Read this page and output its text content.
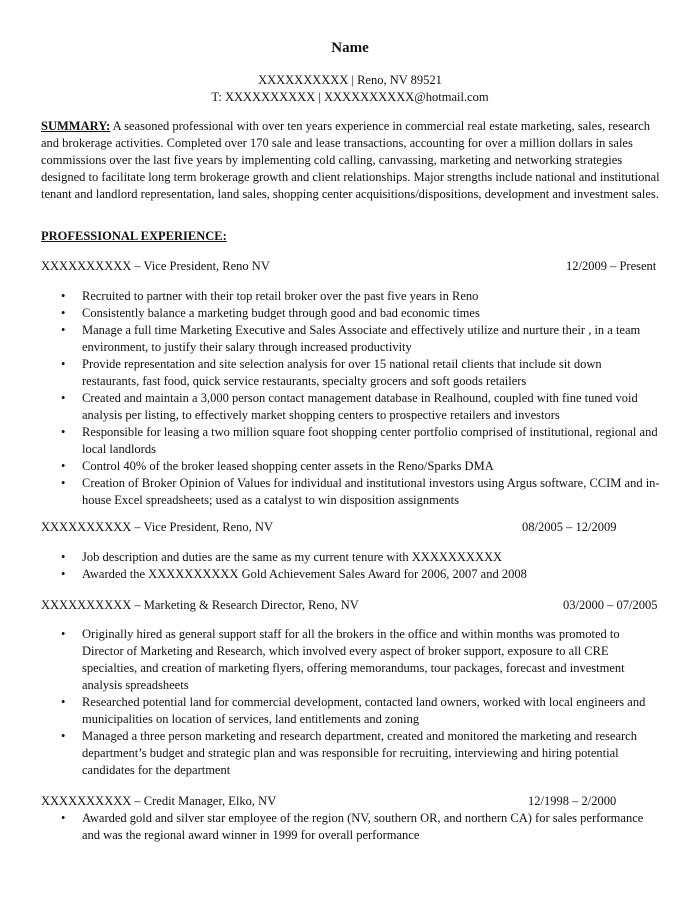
Name
XXXXXXXXXX | Reno, NV 89521
T: XXXXXXXXXX | XXXXXXXXXX@hotmail.com
SUMMARY: A seasoned professional with over ten years experience in commercial real estate marketing, sales, research and brokerage activities. Completed over 170 sale and lease transactions, accounting for over a million dollars in sales commissions over the last five years by implementing cold calling, canvassing, marketing and networking strategies designed to facilitate long term brokerage growth and client relationships. Major strengths include national and institutional tenant and landlord representation, land sales, shopping center acquisitions/dispositions, development and investment sales.
PROFESSIONAL EXPERIENCE:
XXXXXXXXXX – Vice President, Reno NV	12/2009 – Present
• Recruited to partner with their top retail broker over the past five years in Reno
• Consistently balance a marketing budget through good and bad economic times
• Manage a full time Marketing Executive and Sales Associate and effectively utilize and nurture their , in a team environment, to justify their salary through increased productivity
• Provide representation and site selection analysis for over 15 national retail clients that include sit down restaurants, fast food, quick service restaurants, specialty grocers and soft goods retailers
• Created and maintain a 3,000 person contact management database in Realhound, coupled with fine tuned void analysis per listing, to effectively market shopping centers to prospective retailers and investors
• Responsible for leasing a two million square foot shopping center portfolio comprised of institutional, regional and local landlords
• Control 40% of the broker leased shopping center assets in the Reno/Sparks DMA
• Creation of Broker Opinion of Values for individual and institutional investors using Argus software, CCIM and in-house Excel spreadsheets; used as a catalyst to win disposition assignments
XXXXXXXXXX – Vice President, Reno, NV	08/2005 – 12/2009
• Job description and duties are the same as my current tenure with XXXXXXXXXX
• Awarded the XXXXXXXXXX Gold Achievement Sales Award for 2006, 2007 and 2008
XXXXXXXXXX – Marketing & Research Director, Reno, NV	03/2000 – 07/2005
• Originally hired as general support staff for all the brokers in the office and within months was promoted to Director of Marketing and Research, which involved every aspect of broker support, exposure to all CRE specialties, and creation of marketing flyers, offering memorandums, tour packages, forecast and investment analysis spreadsheets
• Researched potential land for commercial development, contacted land owners, worked with local engineers and municipalities on location of services, land entitlements and zoning
• Managed a three person marketing and research department, created and monitored the marketing and research department’s budget and strategic plan and was responsible for recruiting, interviewing and hiring potential candidates for the department
XXXXXXXXXX – Credit Manager, Elko, NV	12/1998 – 2/2000
• Awarded gold and silver star employee of the region (NV, southern OR, and northern CA) for sales performance and was the regional award winner in 1999 for overall performance
